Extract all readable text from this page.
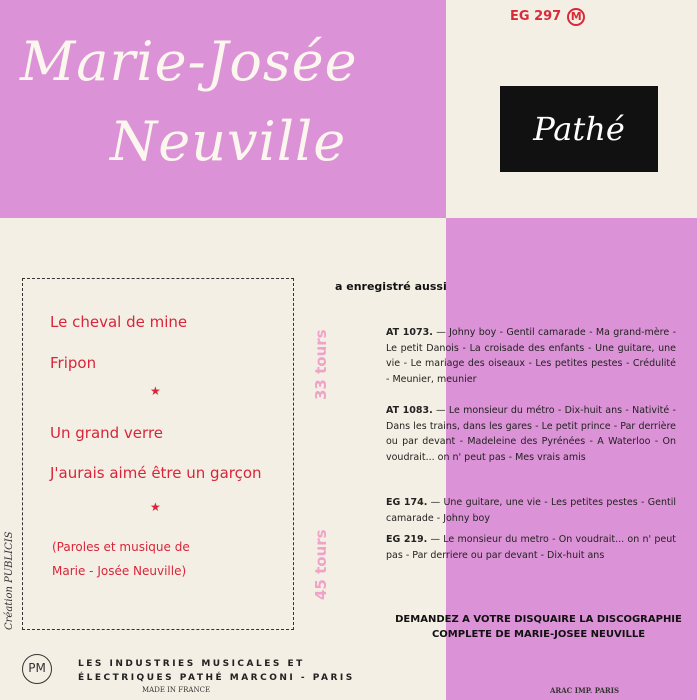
Marie-Josée
Neuville
EG 297 M
Pathé
Le cheval de mine
Fripon
★
Un grand verre
J'aurais aimé être un garçon
★
(Paroles et musique de
Marie - Josée Neuville)	45 tours
33 tours
Création PUBLICIS
a enregistré aussi
AT 1073. — Johny boy - Gentil camarade - Ma grand-mère - Le petit Danois - La croisade des enfants - Une guitare, une vie - Le mariage des oiseaux - Les petites pestes - Crédulité - Meunier, meunier
AT 1083. — Le monsieur du métro - Dix-huit ans - Nativité - Dans les trains, dans les gares - Le petit prince - Par derrière ou par devant - Madeleine des Pyrénées - A Waterloo - On voudrait... on n' peut pas - Mes vrais amis
EG 174. — Une guitare, une vie - Les petites pestes - Gentil camarade - Johny boy
EG 219. — Le monsieur du metro - On voudrait... on n' peut pas - Par derriere ou par devant - Dix-huit ans
DEMANDEZ A VOTRE DISQUAIRE LA DISCOGRAPHIE
COMPLETE DE MARIE-JOSEE NEUVILLE
PM	LES INDUSTRIES MUSICALES ET
ÉLECTRIQUES PATHÉ MARCONI - PARIS
MADE IN FRANCE	ARAC IMP. PARIS
